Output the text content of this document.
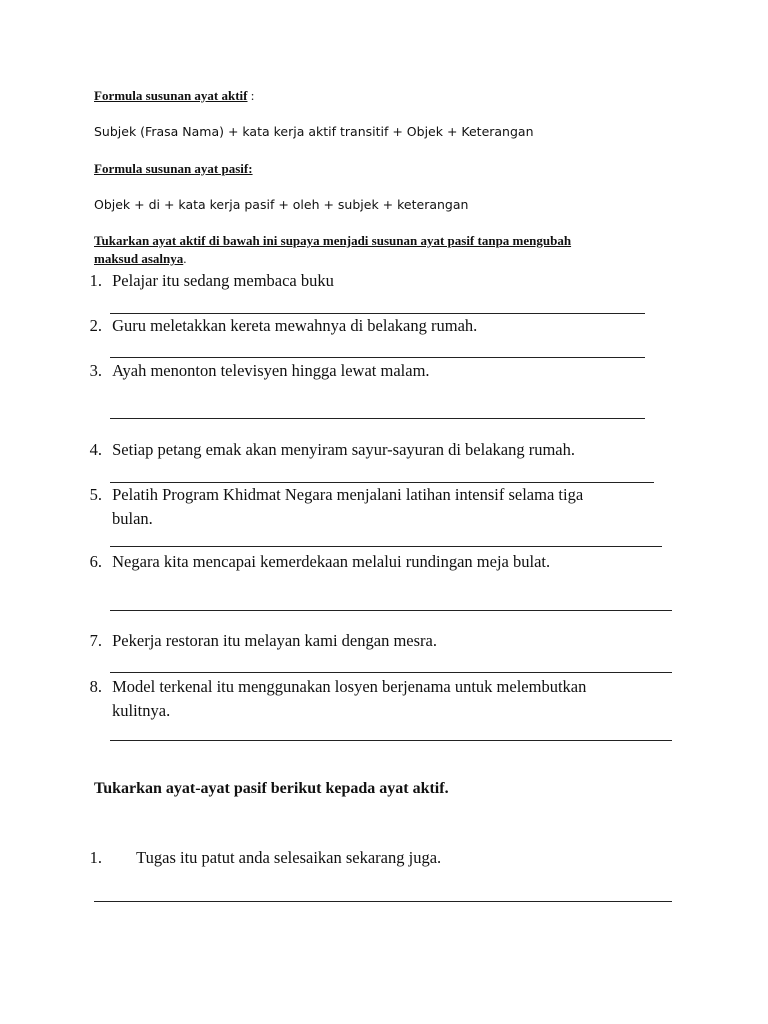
Formula susunan ayat aktif :
Subjek (Frasa Nama) + kata kerja aktif transitif + Objek + Keterangan
Formula susunan ayat pasif:
Objek + di + kata kerja pasif + oleh + subjek + keterangan
Tukarkan ayat aktif di bawah ini supaya menjadi susunan ayat pasif tanpa mengubah
maksud asalnya.
1. Pelajar itu sedang membaca buku
2. Guru meletakkan kereta mewahnya di belakang rumah.
3. Ayah menonton televisyen hingga lewat malam.
4. Setiap petang emak akan menyiram sayur-sayuran di belakang rumah.
5. Pelatih Program Khidmat Negara menjalani latihan intensif selama tiga
bulan.
6. Negara kita mencapai kemerdekaan melalui rundingan meja bulat.
7. Pekerja restoran itu melayan kami dengan mesra.
8. Model terkenal itu menggunakan losyen berjenama untuk melembutkan
kulitnya.
Tukarkan ayat-ayat pasif berikut kepada ayat aktif.
1. Tugas itu patut anda selesaikan sekarang juga.
